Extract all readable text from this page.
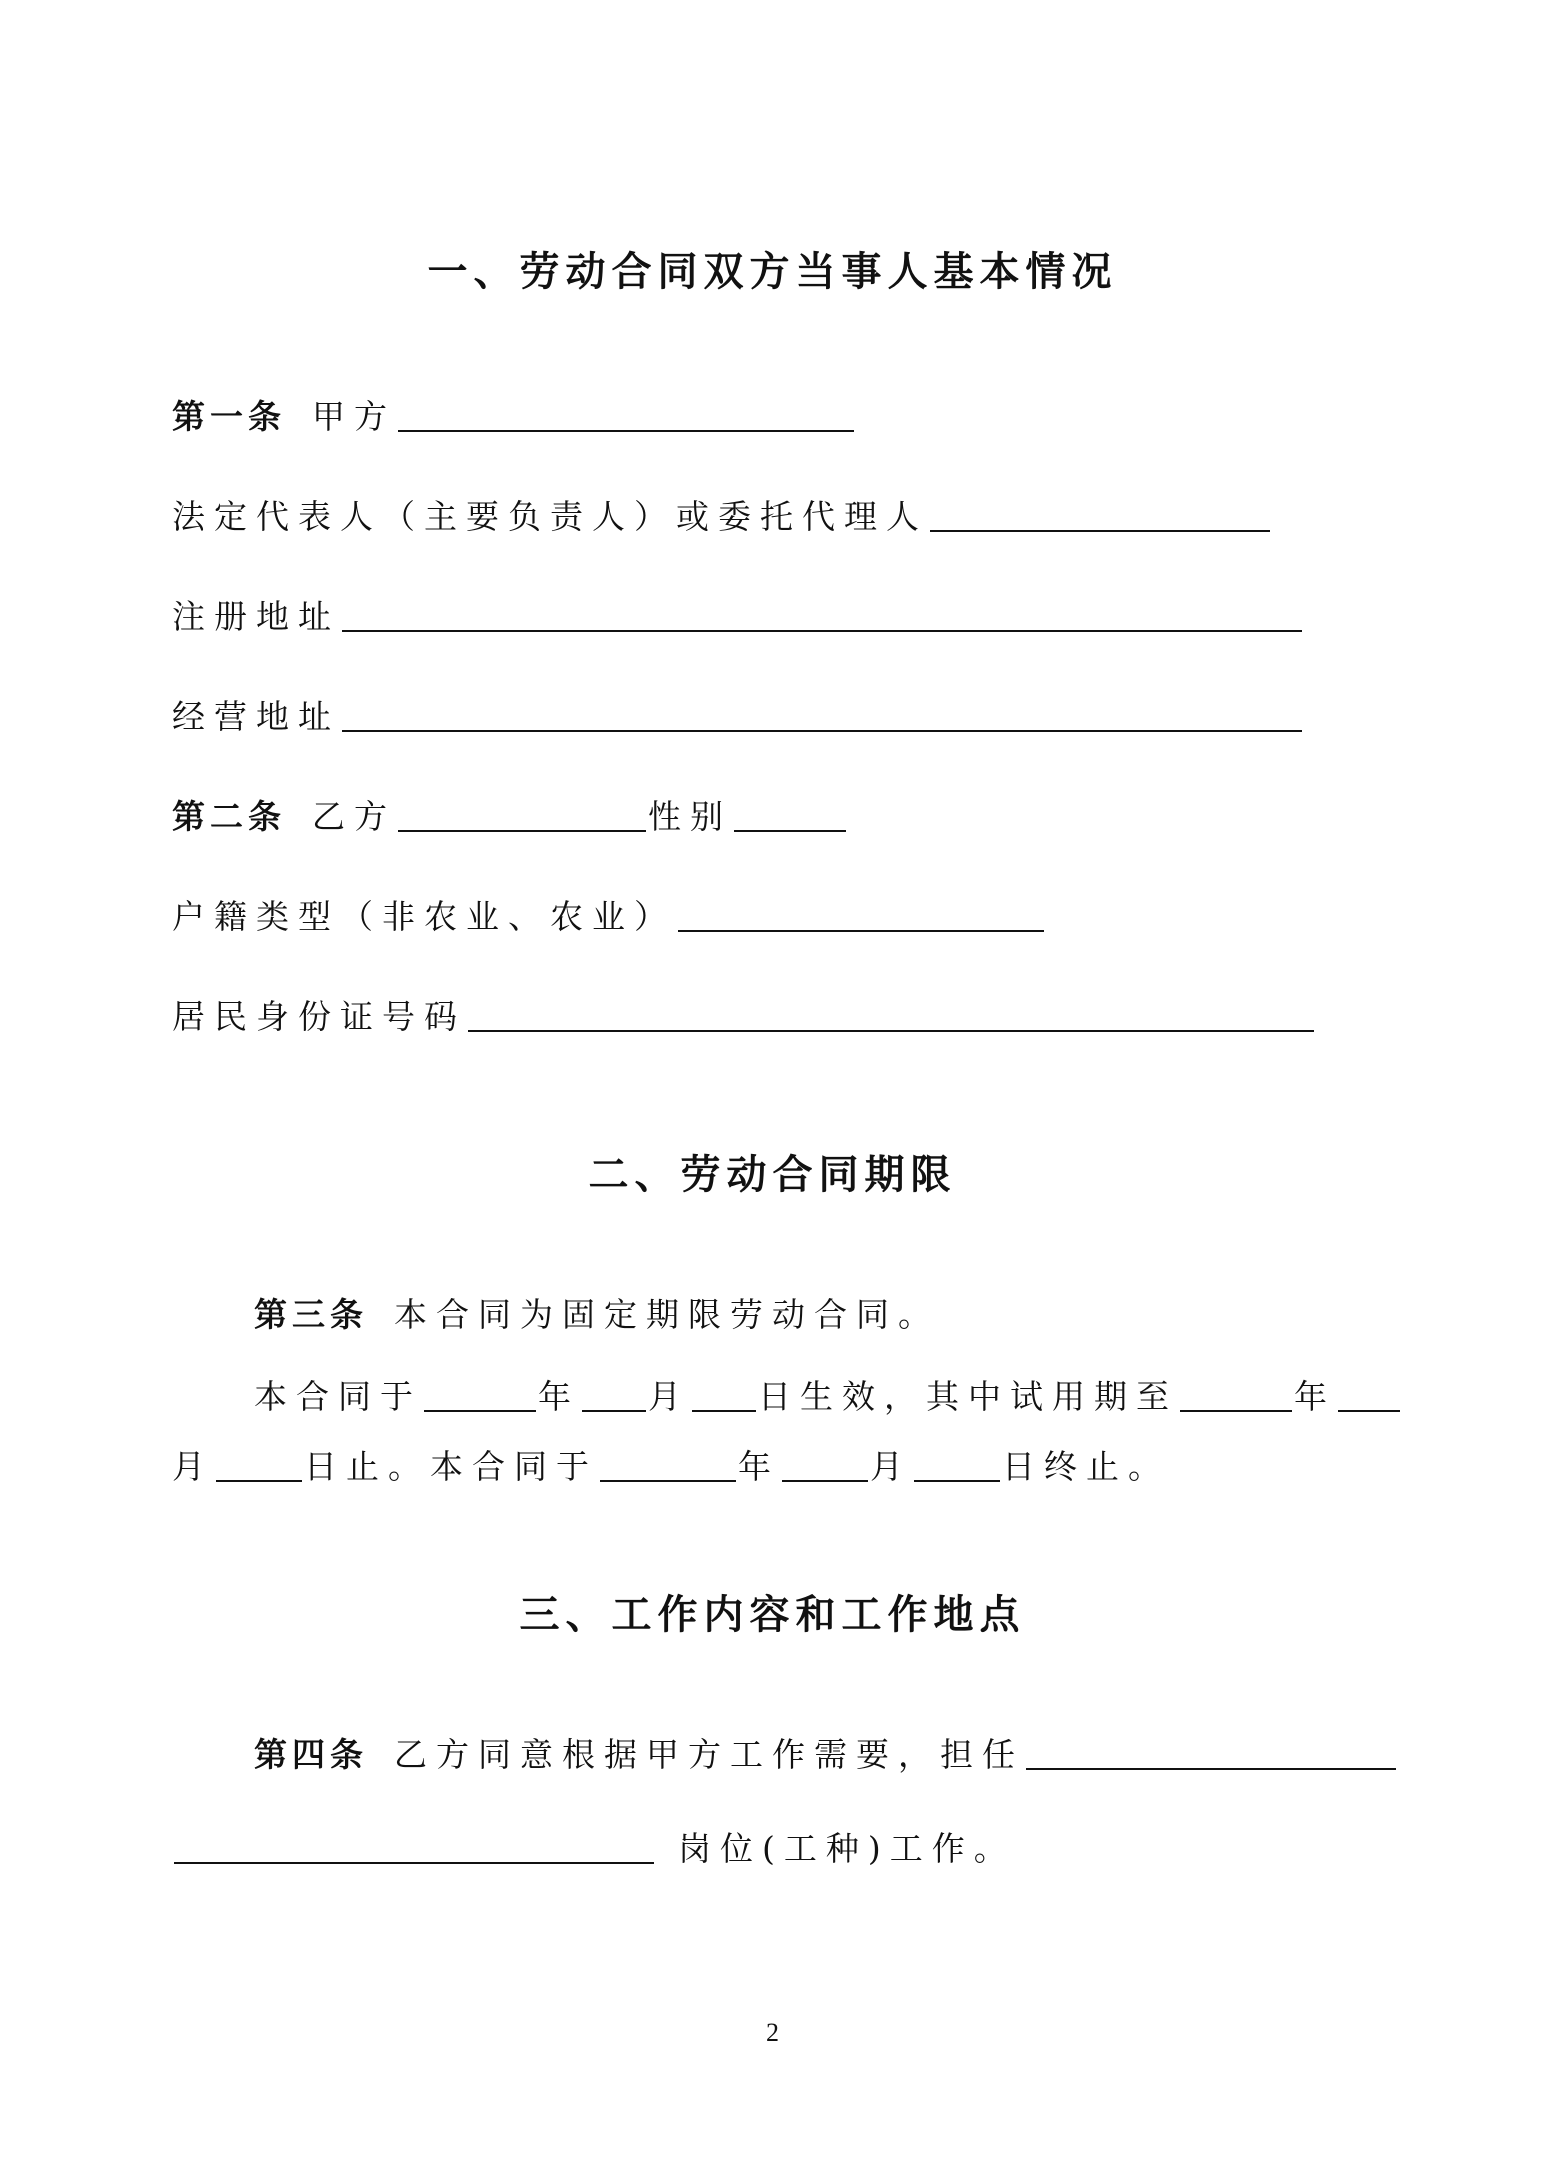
一、劳动合同双方当事人基本情况
第一条 甲方
法定代表人（主要负责人）或委托代理人
注册地址
经营地址
第二条 乙方	性别
户籍类型（非农业、农业）
居民身份证号码
二、劳动合同期限
第三条 本合同为固定期限劳动合同。
本合同于	年 月 日生效，其中试用期至	年
月	日止。本合同于	年	月	日终止。
三、工作内容和工作地点
第四条 乙方同意根据甲方工作需要，担任
岗位(工种)工作。
2
